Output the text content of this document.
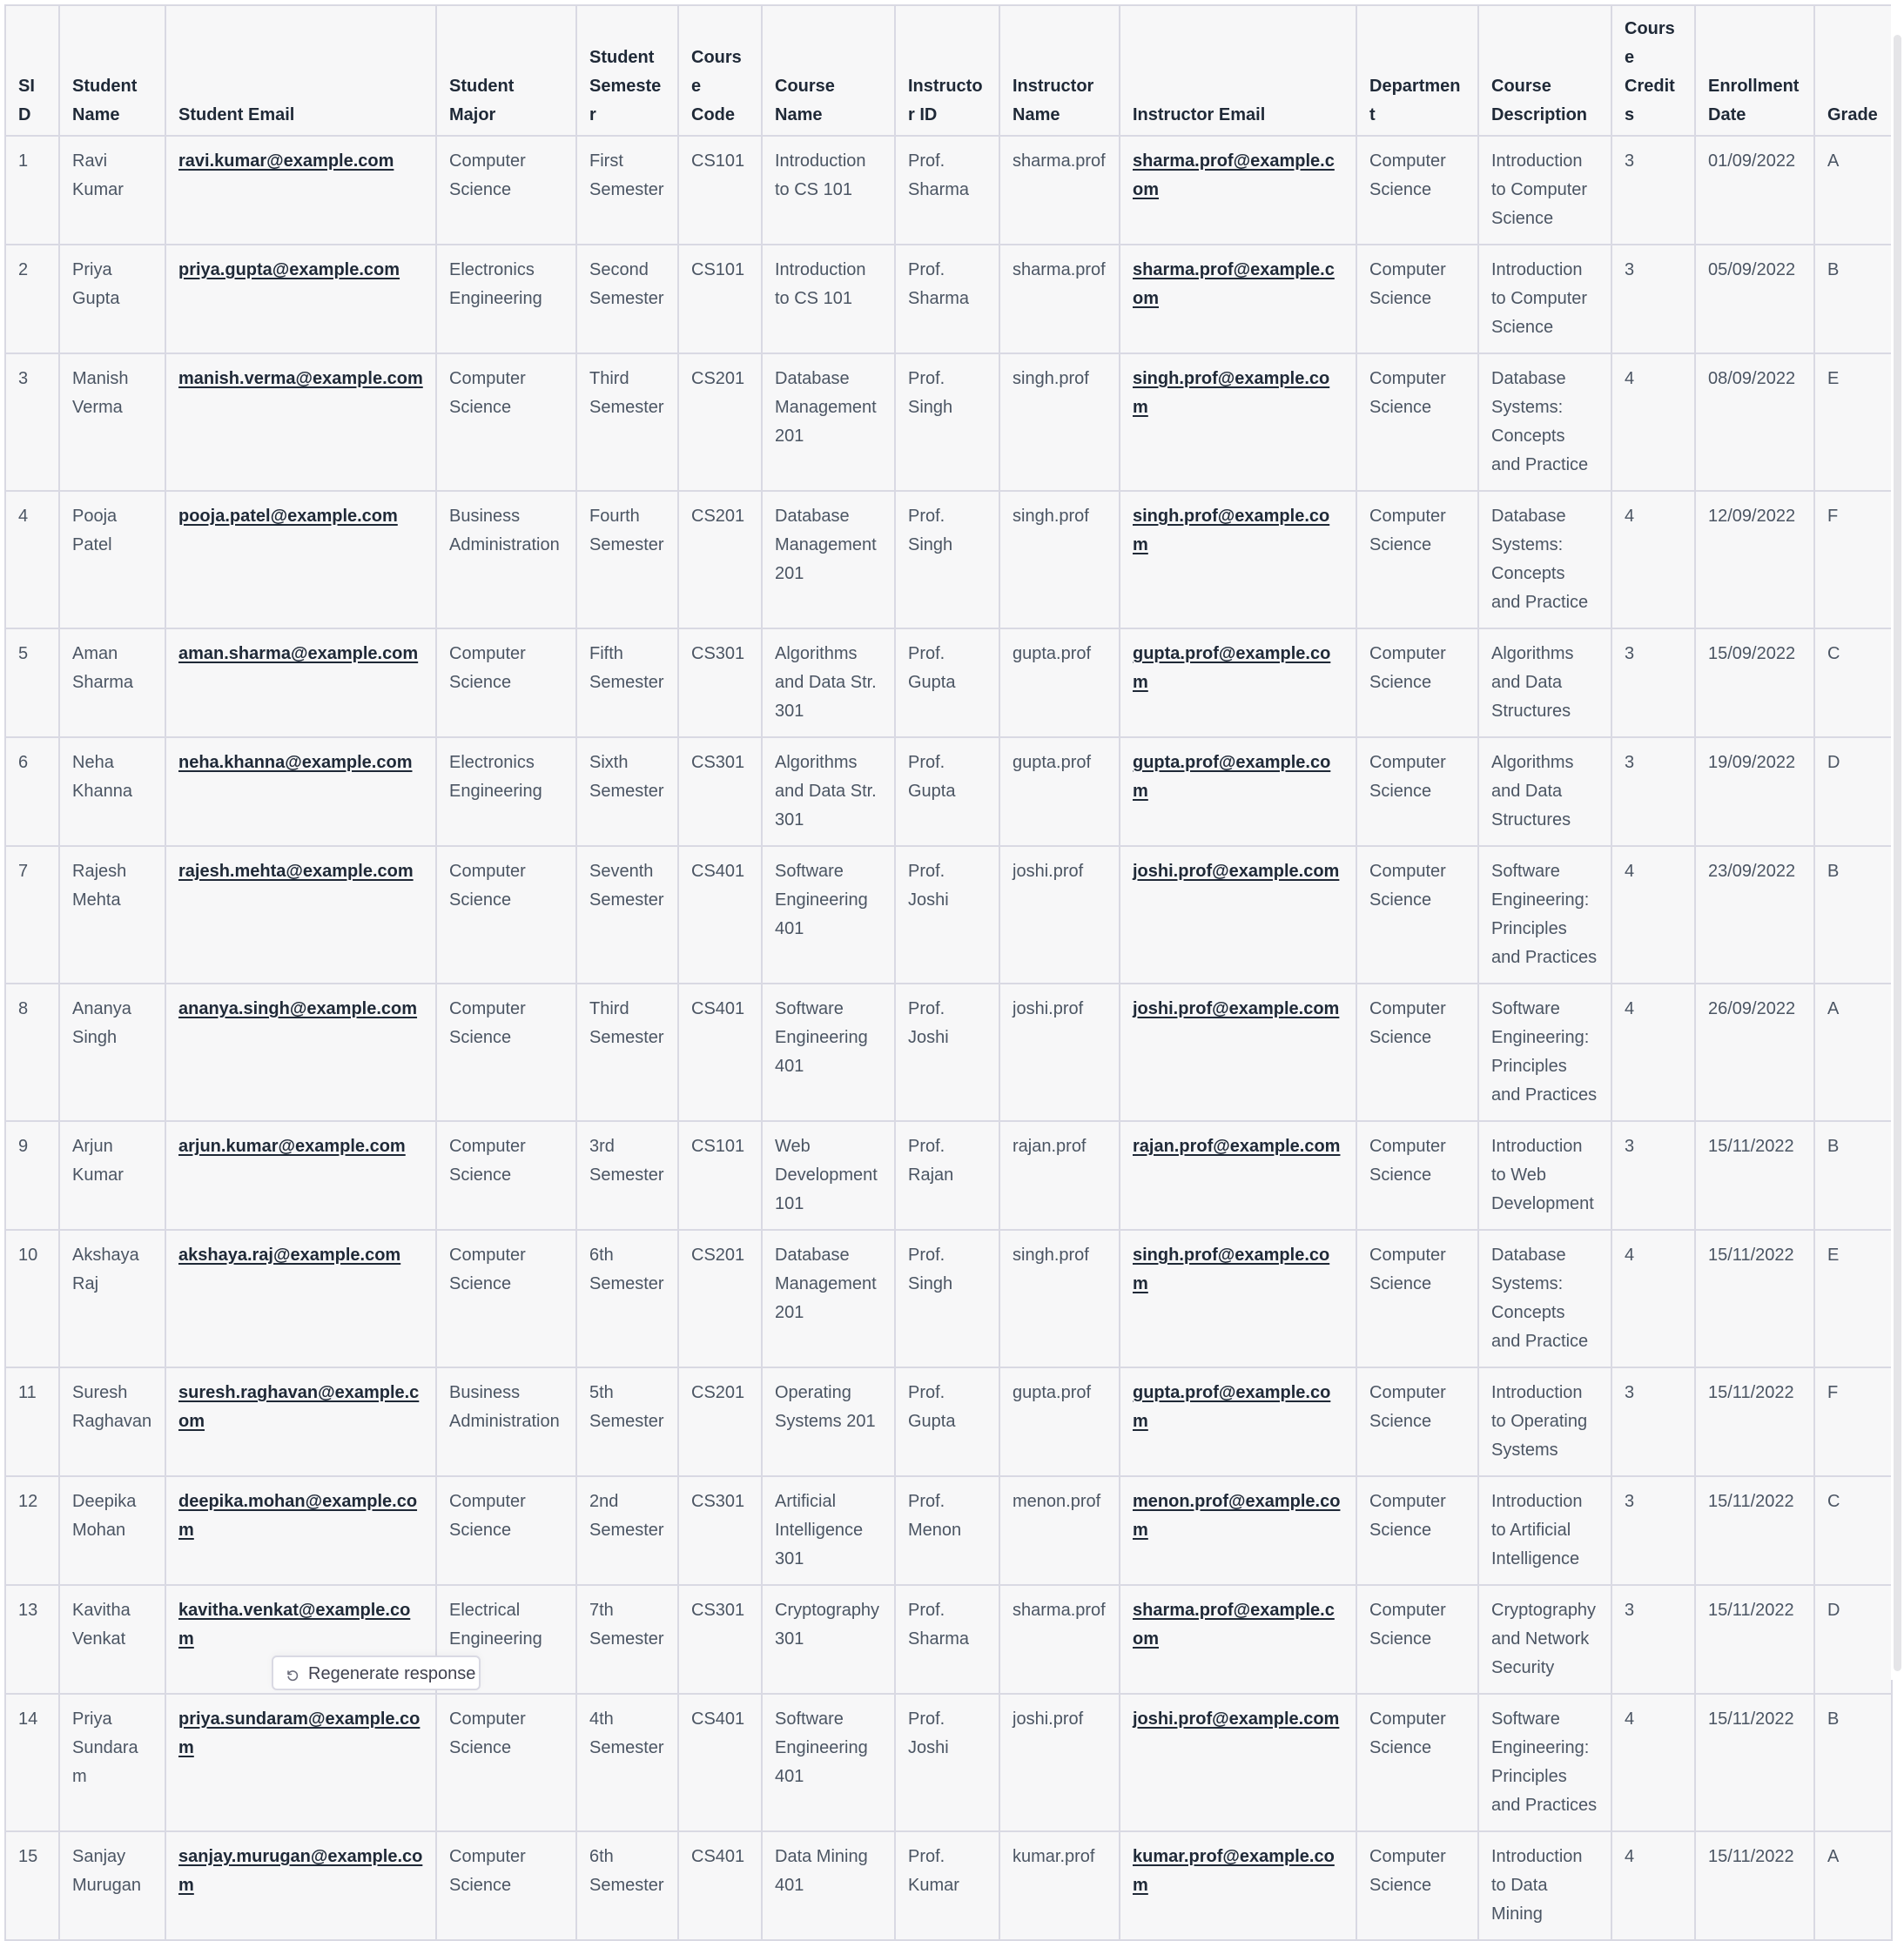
SID	Student Name	Student Email	Student Major	Student Semester	Course Code	Course Name	Instructor ID	Instructor Name	Instructor Email	Department	Course Description	Course Credits	Enrollment Date	Grade
1	Ravi Kumar	ravi.kumar@example.com	Computer Science	First Semester	CS101	Introduction to CS 101	Prof. Sharma	sharma.prof	sharma.prof@example.com	Computer Science	Introduction to Computer Science	3	01/09/2022	A
2	Priya Gupta	priya.gupta@example.com	Electronics Engineering	Second Semester	CS101	Introduction to CS 101	Prof. Sharma	sharma.prof	sharma.prof@example.com	Computer Science	Introduction to Computer Science	3	05/09/2022	B
3	Manish Verma	manish.verma@example.com	Computer Science	Third Semester	CS201	Database Management 201	Prof. Singh	singh.prof	singh.prof@example.com	Computer Science	Database Systems: Concepts and Practice	4	08/09/2022	E
4	Pooja Patel	pooja.patel@example.com	Business Administration	Fourth Semester	CS201	Database Management 201	Prof. Singh	singh.prof	singh.prof@example.com	Computer Science	Database Systems: Concepts and Practice	4	12/09/2022	F
5	Aman Sharma	aman.sharma@example.com	Computer Science	Fifth Semester	CS301	Algorithms and Data Str. 301	Prof. Gupta	gupta.prof	gupta.prof@example.com	Computer Science	Algorithms and Data Structures	3	15/09/2022	C
6	Neha Khanna	neha.khanna@example.com	Electronics Engineering	Sixth Semester	CS301	Algorithms and Data Str. 301	Prof. Gupta	gupta.prof	gupta.prof@example.com	Computer Science	Algorithms and Data Structures	3	19/09/2022	D
7	Rajesh Mehta	rajesh.mehta@example.com	Computer Science	Seventh Semester	CS401	Software Engineering 401	Prof. Joshi	joshi.prof	joshi.prof@example.com	Computer Science	Software Engineering: Principles and Practices	4	23/09/2022	B
8	Ananya Singh	ananya.singh@example.com	Computer Science	Third Semester	CS401	Software Engineering 401	Prof. Joshi	joshi.prof	joshi.prof@example.com	Computer Science	Software Engineering: Principles and Practices	4	26/09/2022	A
9	Arjun Kumar	arjun.kumar@example.com	Computer Science	3rd Semester	CS101	Web Development 101	Prof. Rajan	rajan.prof	rajan.prof@example.com	Computer Science	Introduction to Web Development	3	15/11/2022	B
10	Akshaya Raj	akshaya.raj@example.com	Computer Science	6th Semester	CS201	Database Management 201	Prof. Singh	singh.prof	singh.prof@example.com	Computer Science	Database Systems: Concepts and Practice	4	15/11/2022	E
11	Suresh Raghavan	suresh.raghavan@example.com	Business Administration	5th Semester	CS201	Operating Systems 201	Prof. Gupta	gupta.prof	gupta.prof@example.com	Computer Science	Introduction to Operating Systems	3	15/11/2022	F
12	Deepika Mohan	deepika.mohan@example.com	Computer Science	2nd Semester	CS301	Artificial Intelligence 301	Prof. Menon	menon.prof	menon.prof@example.com	Computer Science	Introduction to Artificial Intelligence	3	15/11/2022	C
13	Kavitha Venkat	kavitha.venkat@example.com	Electrical Engineering	7th Semester	CS301	Cryptography 301	Prof. Sharma	sharma.prof	sharma.prof@example.com	Computer Science	Cryptography and Network Security	3	15/11/2022	D
14	Priya Sundaram	priya.sundaram@example.com	Computer Science	4th Semester	CS401	Software Engineering 401	Prof. Joshi	joshi.prof	joshi.prof@example.com	Computer Science	Software Engineering: Principles and Practices	4	15/11/2022	B
15	Sanjay Murugan	sanjay.murugan@example.com	Computer Science	6th Semester	CS401	Data Mining 401	Prof. Kumar	kumar.prof	kumar.prof@example.com	Computer Science	Introduction to Data Mining	4	15/11/2022	A
Regenerate response
